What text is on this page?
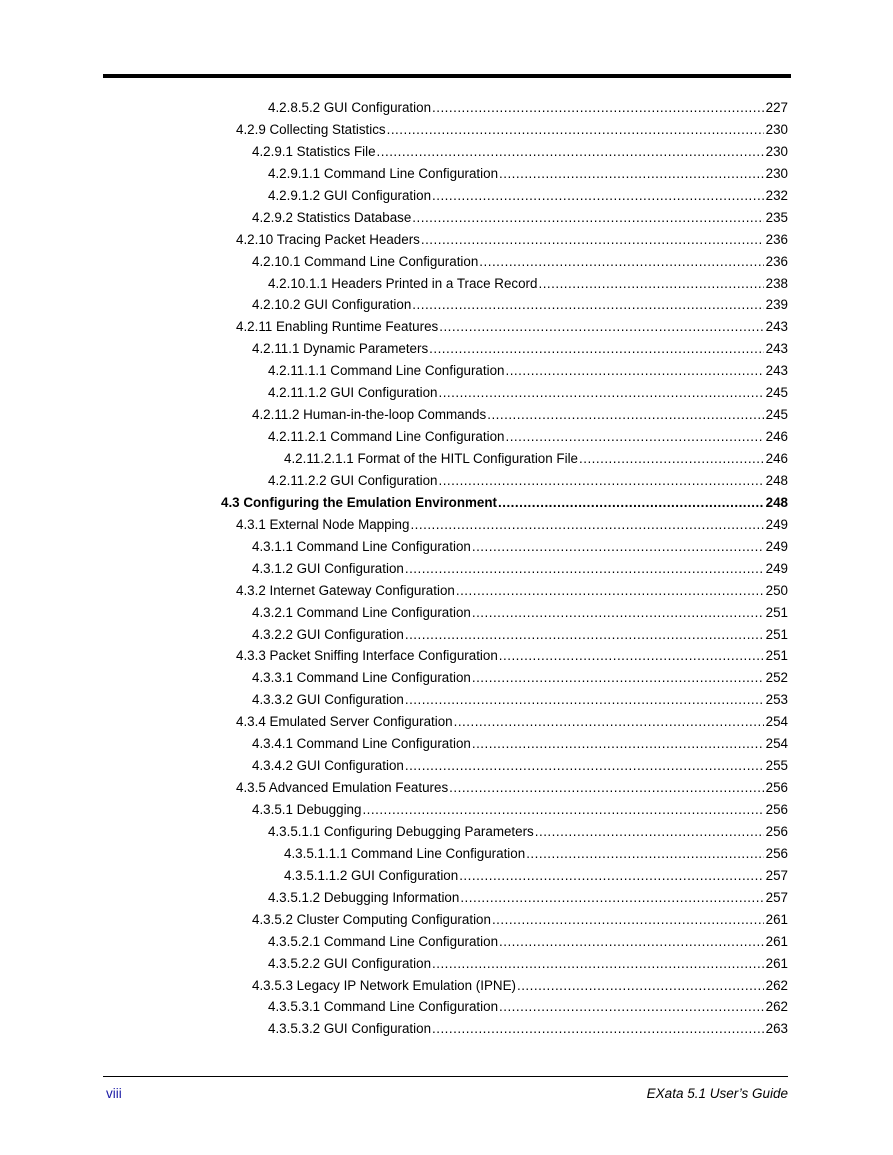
4.2.8.5.2 GUI Configuration .....	227
4.2.9 Collecting Statistics .....	230
4.2.9.1 Statistics File .....	230
4.2.9.1.1 Command Line Configuration .....	230
4.2.9.1.2 GUI Configuration .....	232
4.2.9.2 Statistics Database .....	235
4.2.10 Tracing Packet Headers .....	236
4.2.10.1 Command Line Configuration .....	236
4.2.10.1.1 Headers Printed in a Trace Record .....	238
4.2.10.2 GUI Configuration .....	239
4.2.11 Enabling Runtime Features .....	243
4.2.11.1 Dynamic Parameters .....	243
4.2.11.1.1 Command Line Configuration .....	243
4.2.11.1.2 GUI Configuration .....	245
4.2.11.2 Human-in-the-loop Commands .....	245
4.2.11.2.1 Command Line Configuration .....	246
4.2.11.2.1.1 Format of the HITL Configuration File .....	246
4.2.11.2.2 GUI Configuration .....	248
4.3 Configuring the Emulation Environment .....	248
4.3.1 External Node Mapping .....	249
4.3.1.1 Command Line Configuration .....	249
4.3.1.2 GUI Configuration .....	249
4.3.2 Internet Gateway Configuration .....	250
4.3.2.1 Command Line Configuration .....	251
4.3.2.2 GUI Configuration .....	251
4.3.3 Packet Sniffing Interface Configuration .....	251
4.3.3.1 Command Line Configuration .....	252
4.3.3.2 GUI Configuration .....	253
4.3.4 Emulated Server Configuration .....	254
4.3.4.1 Command Line Configuration .....	254
4.3.4.2 GUI Configuration .....	255
4.3.5 Advanced Emulation Features .....	256
4.3.5.1 Debugging .....	256
4.3.5.1.1 Configuring Debugging Parameters .....	256
4.3.5.1.1.1 Command Line Configuration .....	256
4.3.5.1.1.2 GUI Configuration .....	257
4.3.5.1.2 Debugging Information .....	257
4.3.5.2 Cluster Computing Configuration .....	261
4.3.5.2.1 Command Line Configuration .....	261
4.3.5.2.2 GUI Configuration .....	261
4.3.5.3 Legacy IP Network Emulation (IPNE) .....	262
4.3.5.3.1 Command Line Configuration .....	262
4.3.5.3.2 GUI Configuration .....	263
viii	EXata 5.1 User’s Guide
